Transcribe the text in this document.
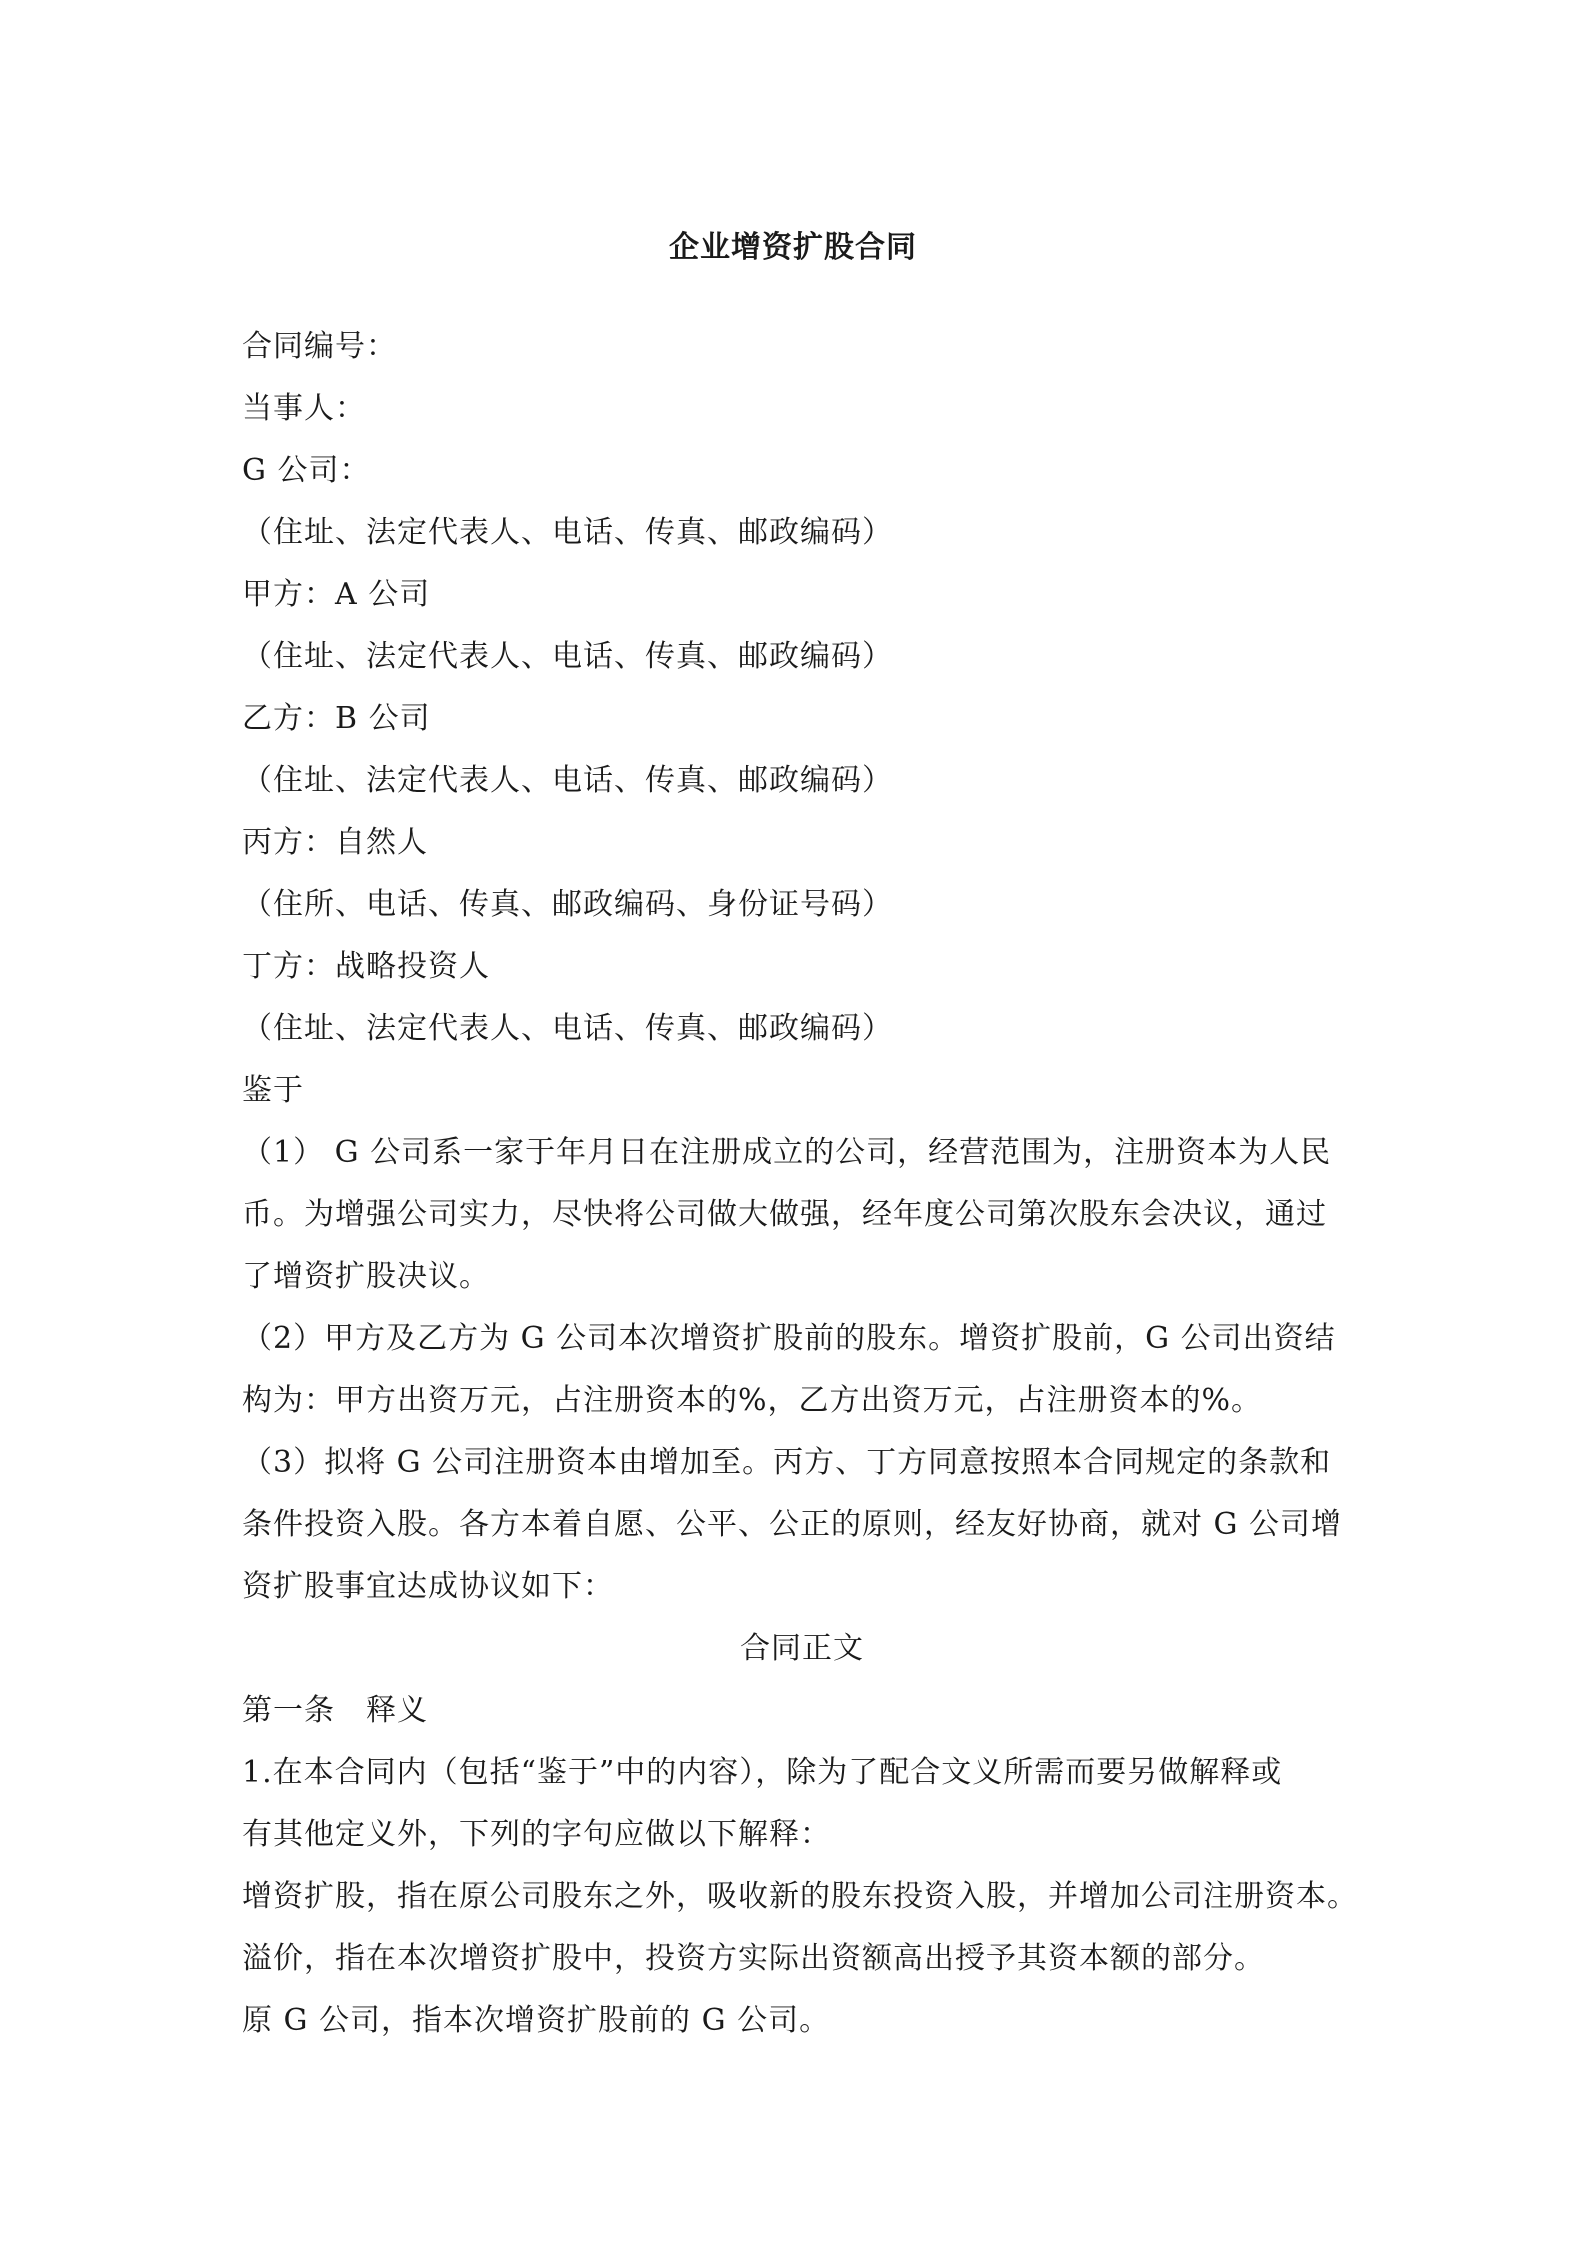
企业增资扩股合同
合同编号：
当事人：
G 公司：
（住址、法定代表人、电话、传真、邮政编码）
甲方：A 公司
（住址、法定代表人、电话、传真、邮政编码）
乙方：B 公司
（住址、法定代表人、电话、传真、邮政编码）
丙方：自然人
（住所、电话、传真、邮政编码、身份证号码）
丁方：战略投资人
（住址、法定代表人、电话、传真、邮政编码）
鉴于
（1） G 公司系一家于年月日在注册成立的公司，经营范围为，注册资本为人民
币。为增强公司实力，尽快将公司做大做强，经年度公司第次股东会决议，通过
了增资扩股决议。
（2）甲方及乙方为 G 公司本次增资扩股前的股东。增资扩股前，G 公司出资结
构为：甲方出资万元，占注册资本的%，乙方出资万元，占注册资本的%。
（3）拟将 G 公司注册资本由增加至。丙方、丁方同意按照本合同规定的条款和
条件投资入股。各方本着自愿、公平、公正的原则，经友好协商，就对 G 公司增
资扩股事宜达成协议如下：
合同正文
第一条　释义
1.在本合同内（包括“鉴于”中的内容），除为了配合文义所需而要另做解释或
有其他定义外，下列的字句应做以下解释：
增资扩股，指在原公司股东之外，吸收新的股东投资入股，并增加公司注册资本。
溢价，指在本次增资扩股中，投资方实际出资额高出授予其资本额的部分。
原 G 公司，指本次增资扩股前的 G 公司。
